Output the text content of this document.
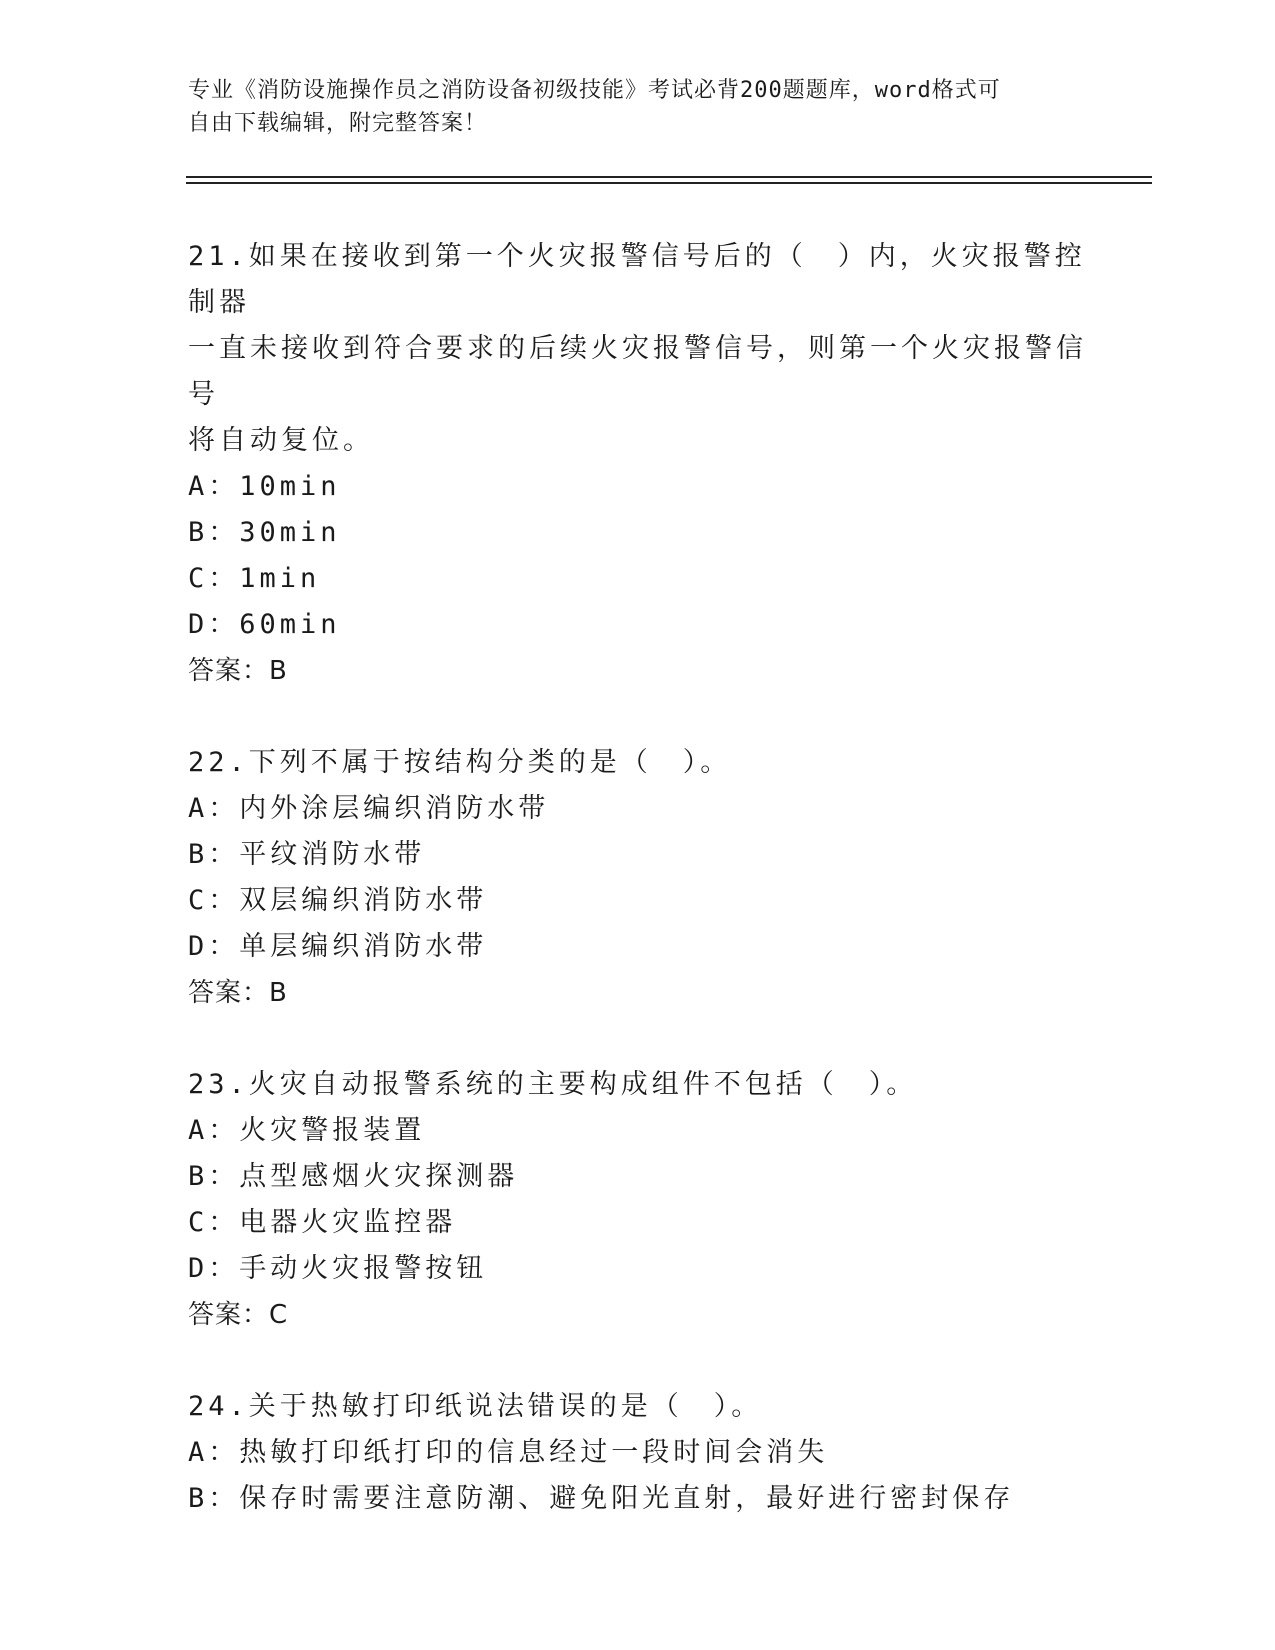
专业《消防设施操作员之消防设备初级技能》考试必背200题题库，word格式可
自由下载编辑，附完整答案！

21.如果在接收到第一个火灾报警信号后的（　）内，火灾报警控制器

一直未接收到符合要求的后续火灾报警信号，则第一个火灾报警信号

将自动复位。

A：10min

B：30min

C：1min

D：60min

答案：B

22.下列不属于按结构分类的是（　）。

A：内外涂层编织消防水带

B：平纹消防水带

C：双层编织消防水带

D：单层编织消防水带

答案：B

23.火灾自动报警系统的主要构成组件不包括（　）。

A：火灾警报装置

B：点型感烟火灾探测器

C：电器火灾监控器

D：手动火灾报警按钮

答案：C

24.关于热敏打印纸说法错误的是（　）。

A：热敏打印纸打印的信息经过一段时间会消失

B：保存时需要注意防潮、避免阳光直射，最好进行密封保存
